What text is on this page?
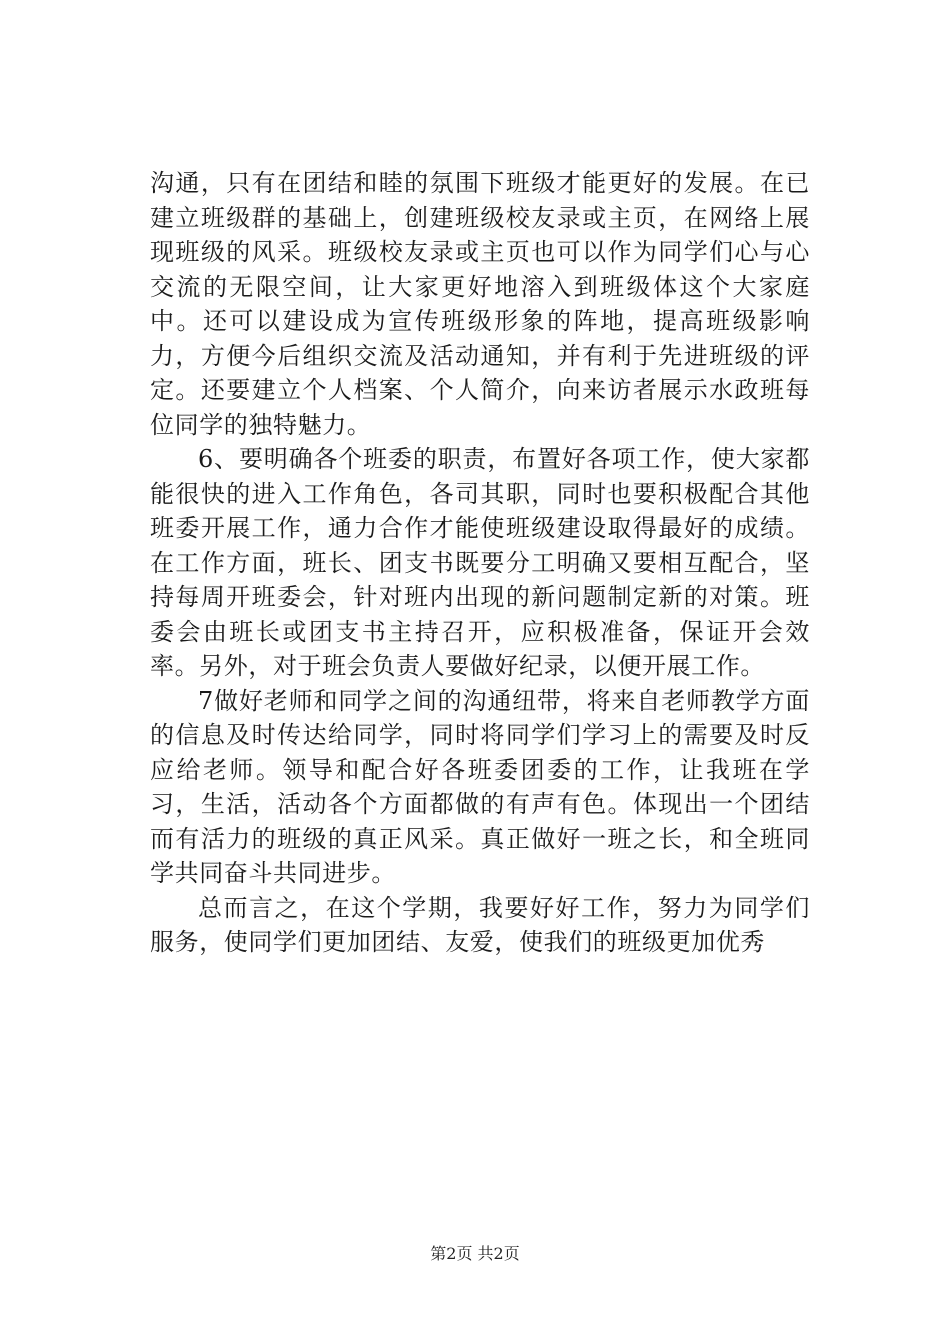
沟通，只有在团结和睦的氛围下班级才能更好的发展。在已建立班级群的基础上，创建班级校友录或主页，在网络上展现班级的风采。班级校友录或主页也可以作为同学们心与心交流的无限空间，让大家更好地溶入到班级体这个大家庭中。还可以建设成为宣传班级形象的阵地，提高班级影响力，方便今后组织交流及活动通知，并有利于先进班级的评定。还要建立个人档案、个人简介，向来访者展示水政班每位同学的独特魅力。

6、要明确各个班委的职责，布置好各项工作，使大家都能很快的进入工作角色，各司其职，同时也要积极配合其他班委开展工作，通力合作才能使班级建设取得最好的成绩。在工作方面，班长、团支书既要分工明确又要相互配合，坚持每周开班委会，针对班内出现的新问题制定新的对策。班委会由班长或团支书主持召开，应积极准备，保证开会效率。另外，对于班会负责人要做好纪录，以便开展工作。

7做好老师和同学之间的沟通纽带，将来自老师教学方面的信息及时传达给同学，同时将同学们学习上的需要及时反应给老师。领导和配合好各班委团委的工作，让我班在学习，生活，活动各个方面都做的有声有色。体现出一个团结而有活力的班级的真正风采。真正做好一班之长，和全班同学共同奋斗共同进步。

总而言之，在这个学期，我要好好工作，努力为同学们服务，使同学们更加团结、友爱，使我们的班级更加优秀

第2页 共2页
